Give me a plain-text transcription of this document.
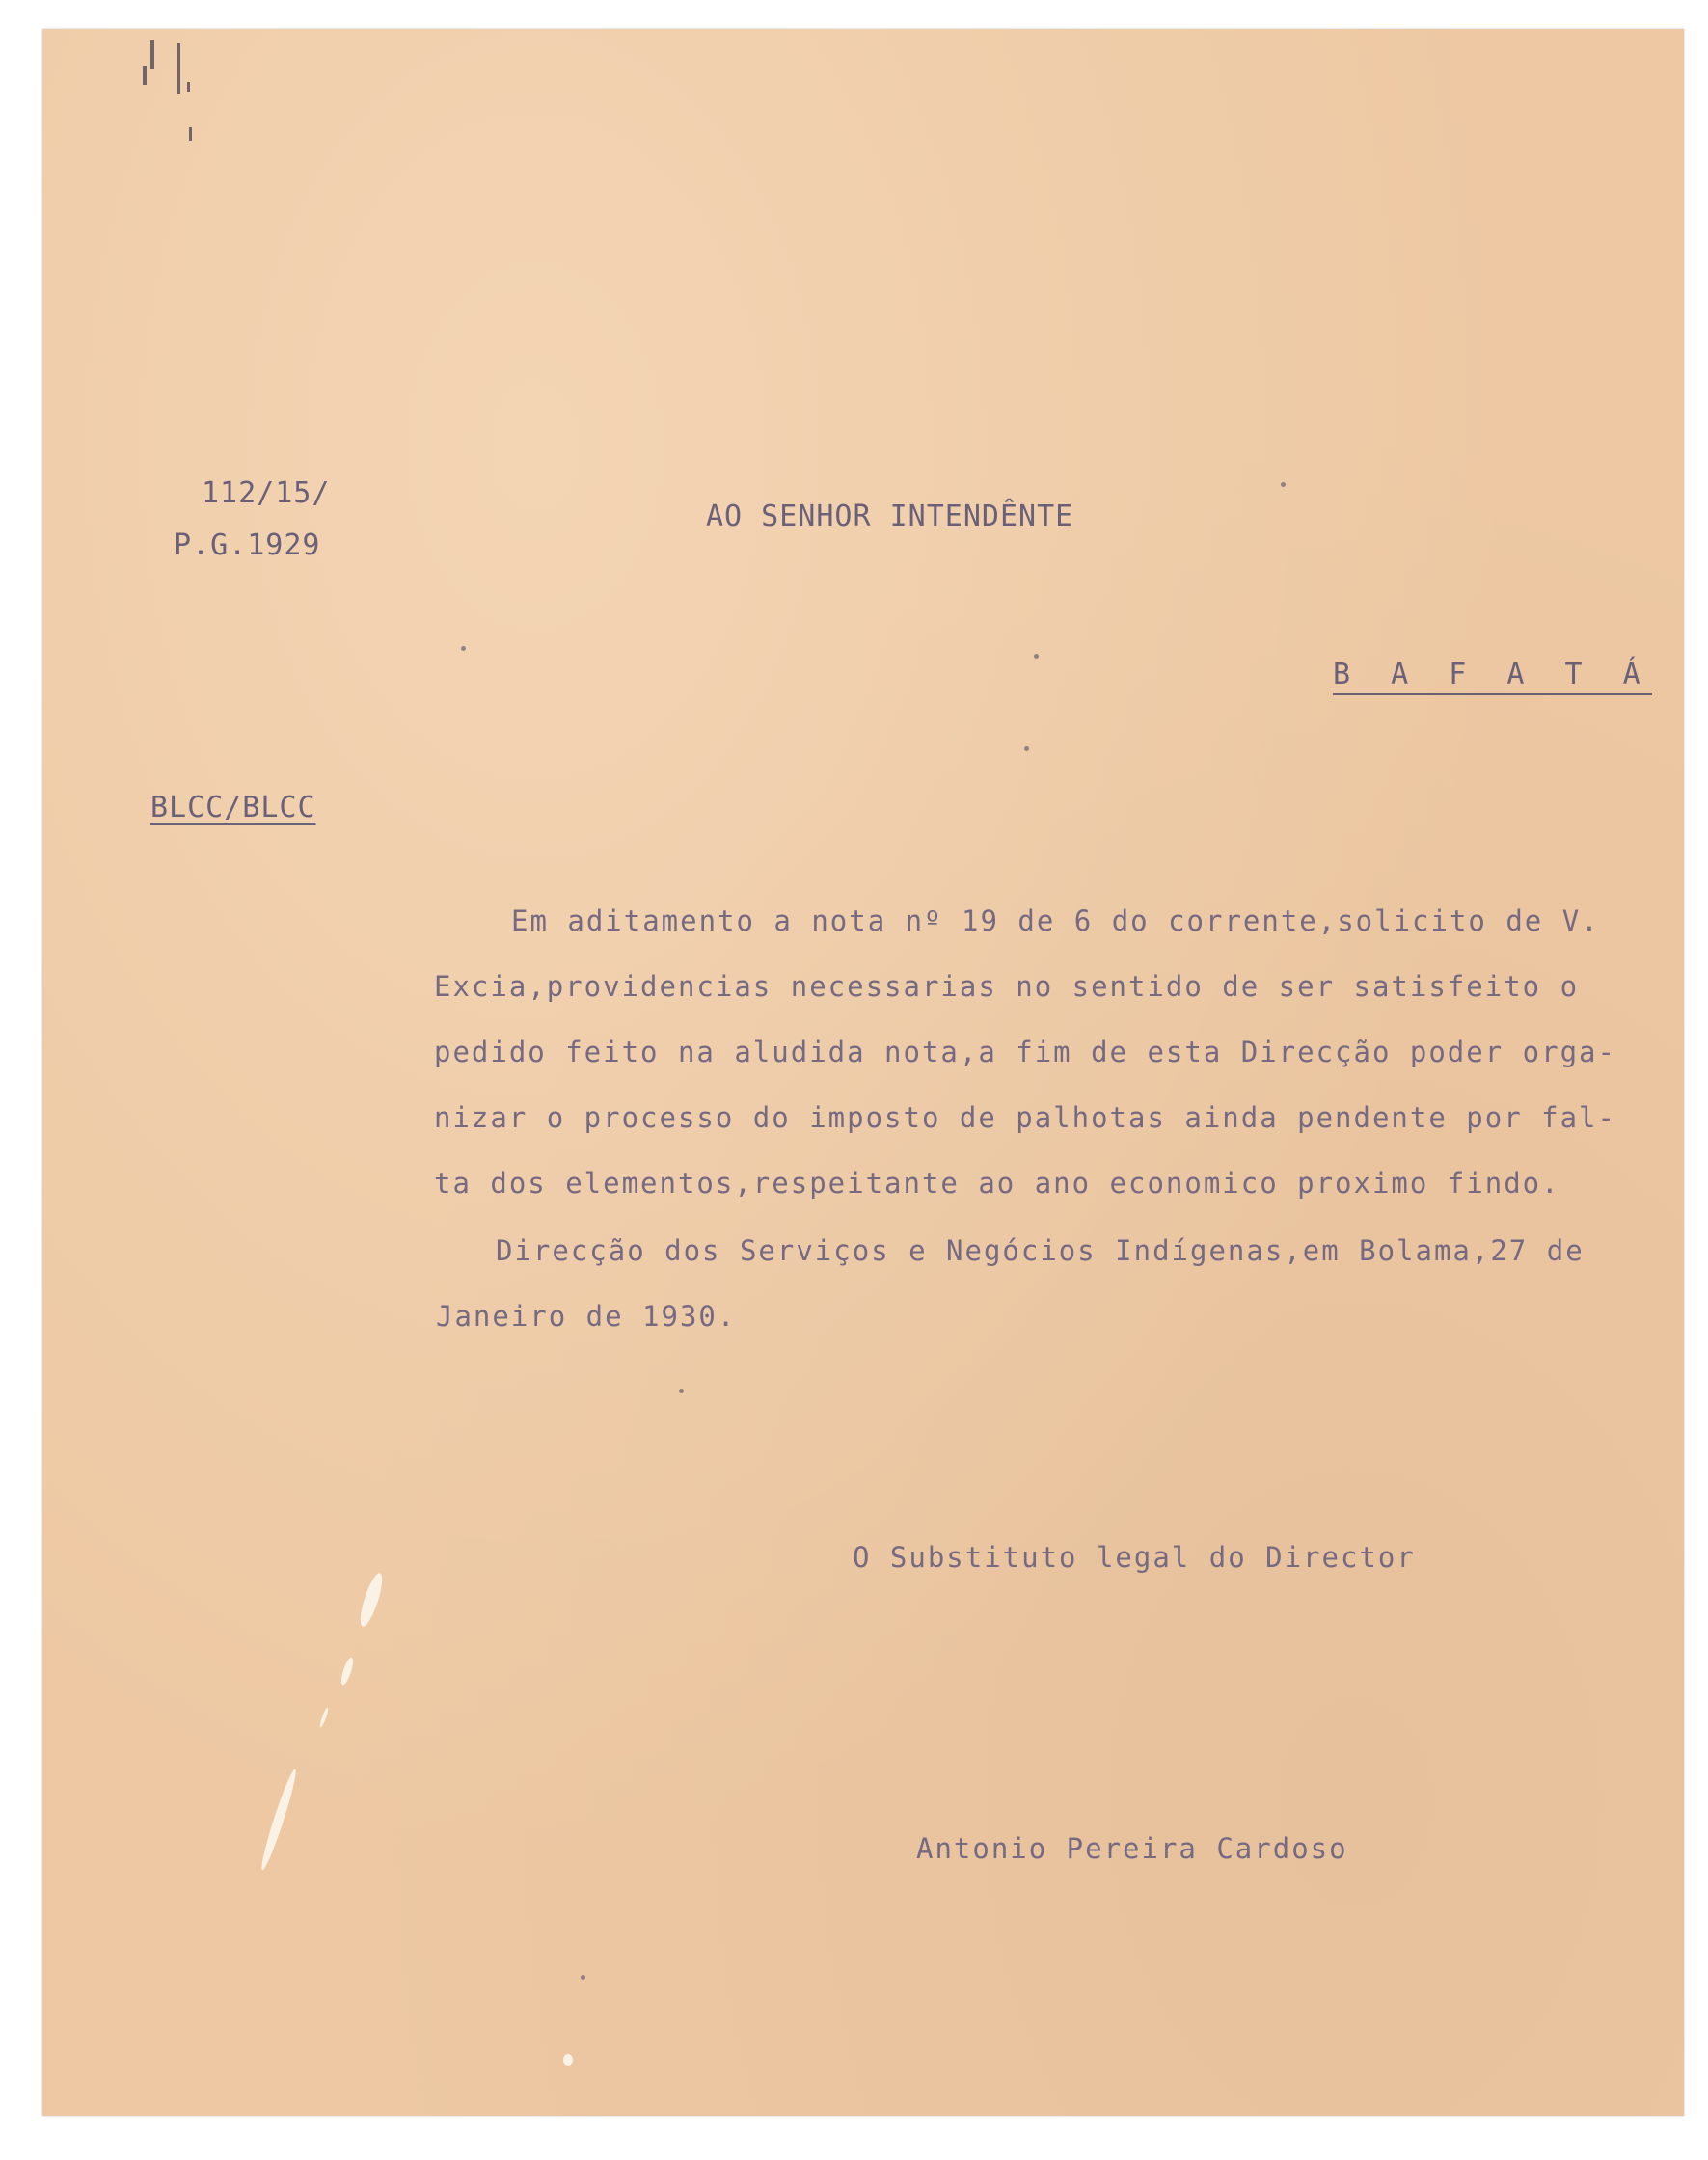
112/15/
P.G.1929
AO SENHOR INTENDÊNTE
B A F A T Á
BLCC/BLCC
Em aditamento a nota nº 19 de 6 do corrente,solicito de V.
Excia,providencias necessarias no sentido de ser satisfeito o
pedido feito na aludida nota,a fim de esta Direcção poder orga-
nizar o processo do imposto de palhotas ainda pendente por fal-
ta dos elementos,respeitante ao ano economico proximo findo.
Direcção dos Serviços e Negócios Indígenas,em Bolama,27 de
Janeiro de 1930.
O Substituto legal do Director
Antonio Pereira Cardoso
